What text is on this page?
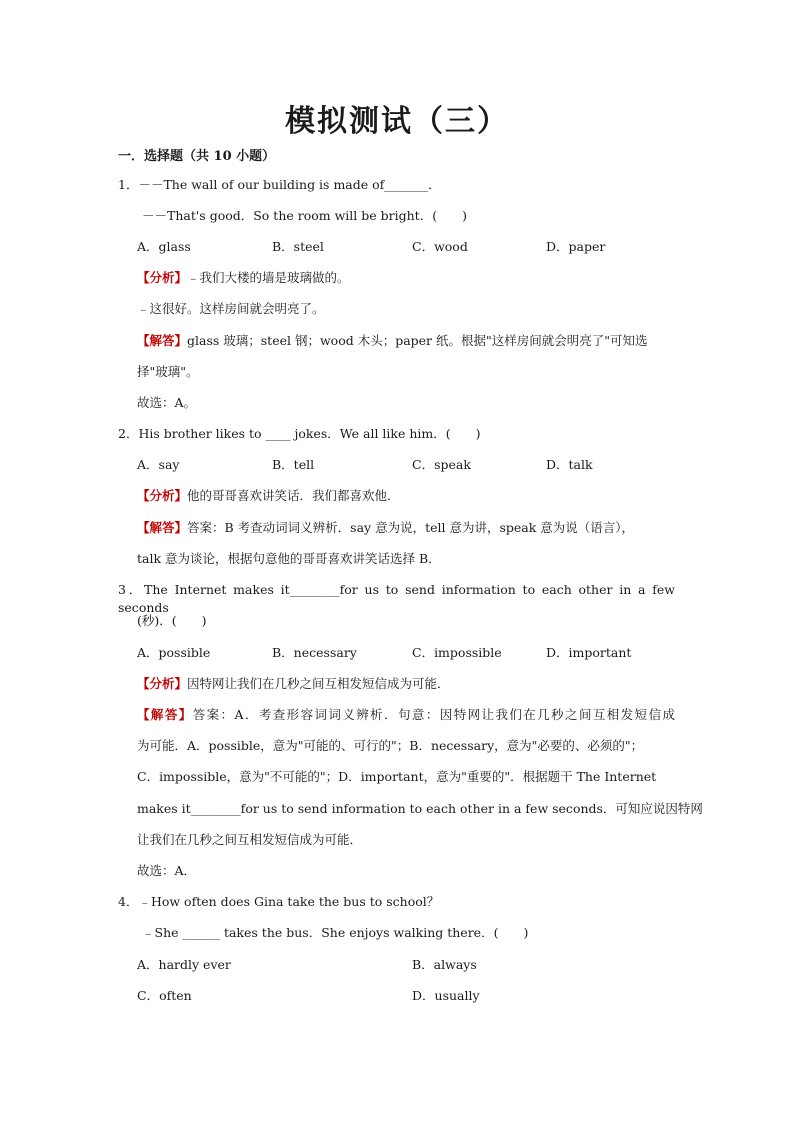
模拟测试（三）
一．选择题（共 10 小题）
1．－－The wall of our building is made of_______．
－－That's good．So the room will be bright．(　　)
A．glass	B．steel	C．wood	D．paper
【分析】﹣我们大楼的墙是玻璃做的。
﹣这很好。这样房间就会明亮了。
【解答】glass 玻璃；steel 钢；wood 木头；paper 纸。根据"这样房间就会明亮了"可知选
择"玻璃"。
故选：A。
2．His brother likes to ____ jokes．We all like him．(　　)
A．say	B．tell	C．speak	D．talk
【分析】他的哥哥喜欢讲笑话．我们都喜欢他．
【解答】答案：B 考查动词词义辨析．say 意为说，tell 意为讲，speak 意为说（语言），
talk 意为谈论，根据句意他的哥哥喜欢讲笑话选择 B．
3．The Internet makes it________for us to send information to each other in a few seconds
(秒)．(　　)
A．possible	B．necessary	C．impossible	D．important
【分析】因特网让我们在几秒之间互相发短信成为可能．
【解答】答案：A．考查形容词词义辨析．句意：因特网让我们在几秒之间互相发短信成
为可能．A．possible，意为"可能的、可行的"；B．necessary，意为"必要的、必须的"；
C．impossible，意为"不可能的"；D．important，意为"重要的"．根据题干 The Internet
makes it________for us to send information to each other in a few seconds．可知应说因特网
让我们在几秒之间互相发短信成为可能．
故选：A．
4．﹣How often does Gina take the bus to school？
﹣She ______ takes the bus．She enjoys walking there．(　　)
A．hardly ever	B．always
C．often	D．usually
